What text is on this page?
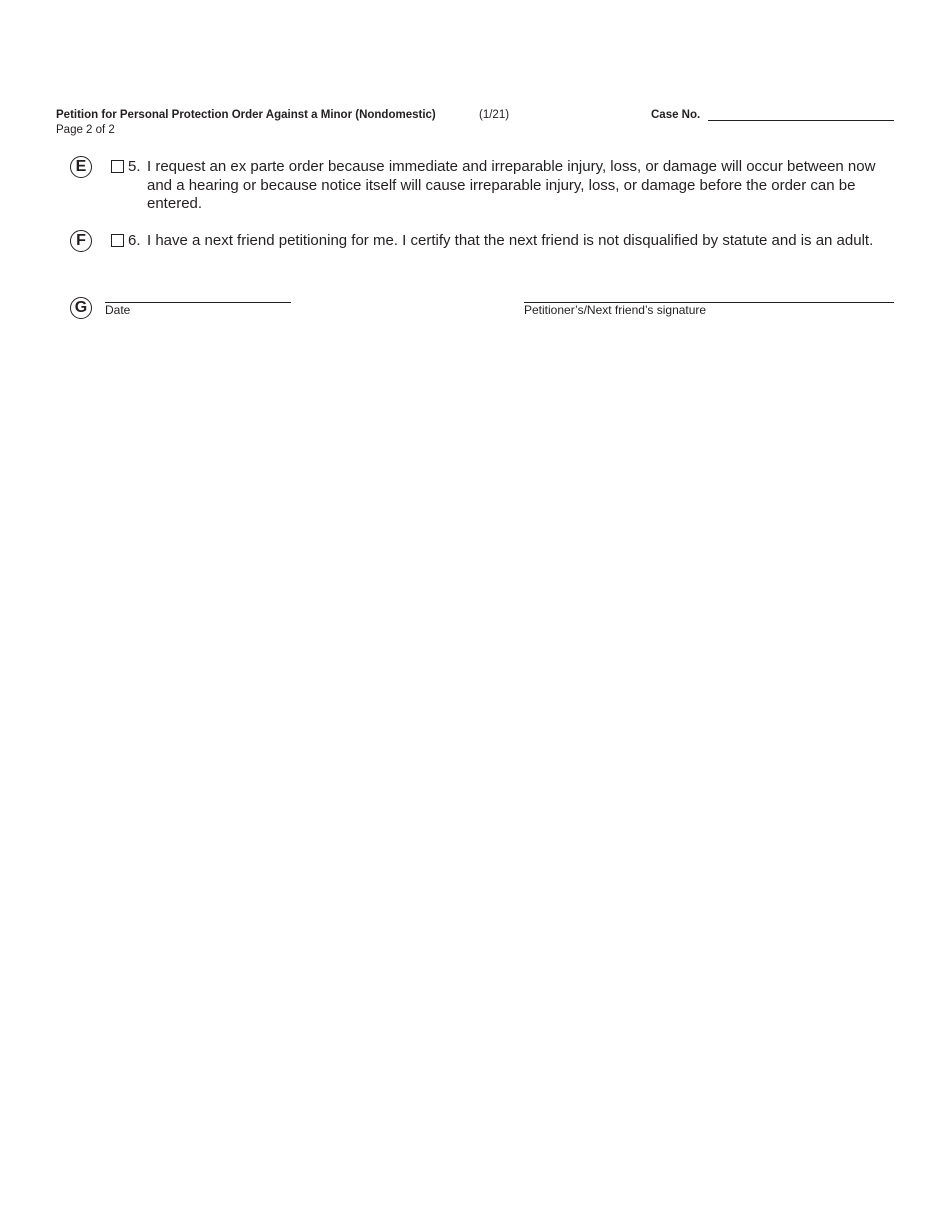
Petition for Personal Protection Order Against a Minor (Nondomestic)	(1/21)
Page 2 of 2
Case No.
E	5. I request an ex parte order because immediate and irreparable injury, loss, or damage will occur between now and a hearing or because notice itself will cause irreparable injury, loss, or damage before the order can be entered.
F	6. I have a next friend petitioning for me. I certify that the next friend is not disqualified by statute and is an adult.
G	Date	Petitioner’s/Next friend’s signature
